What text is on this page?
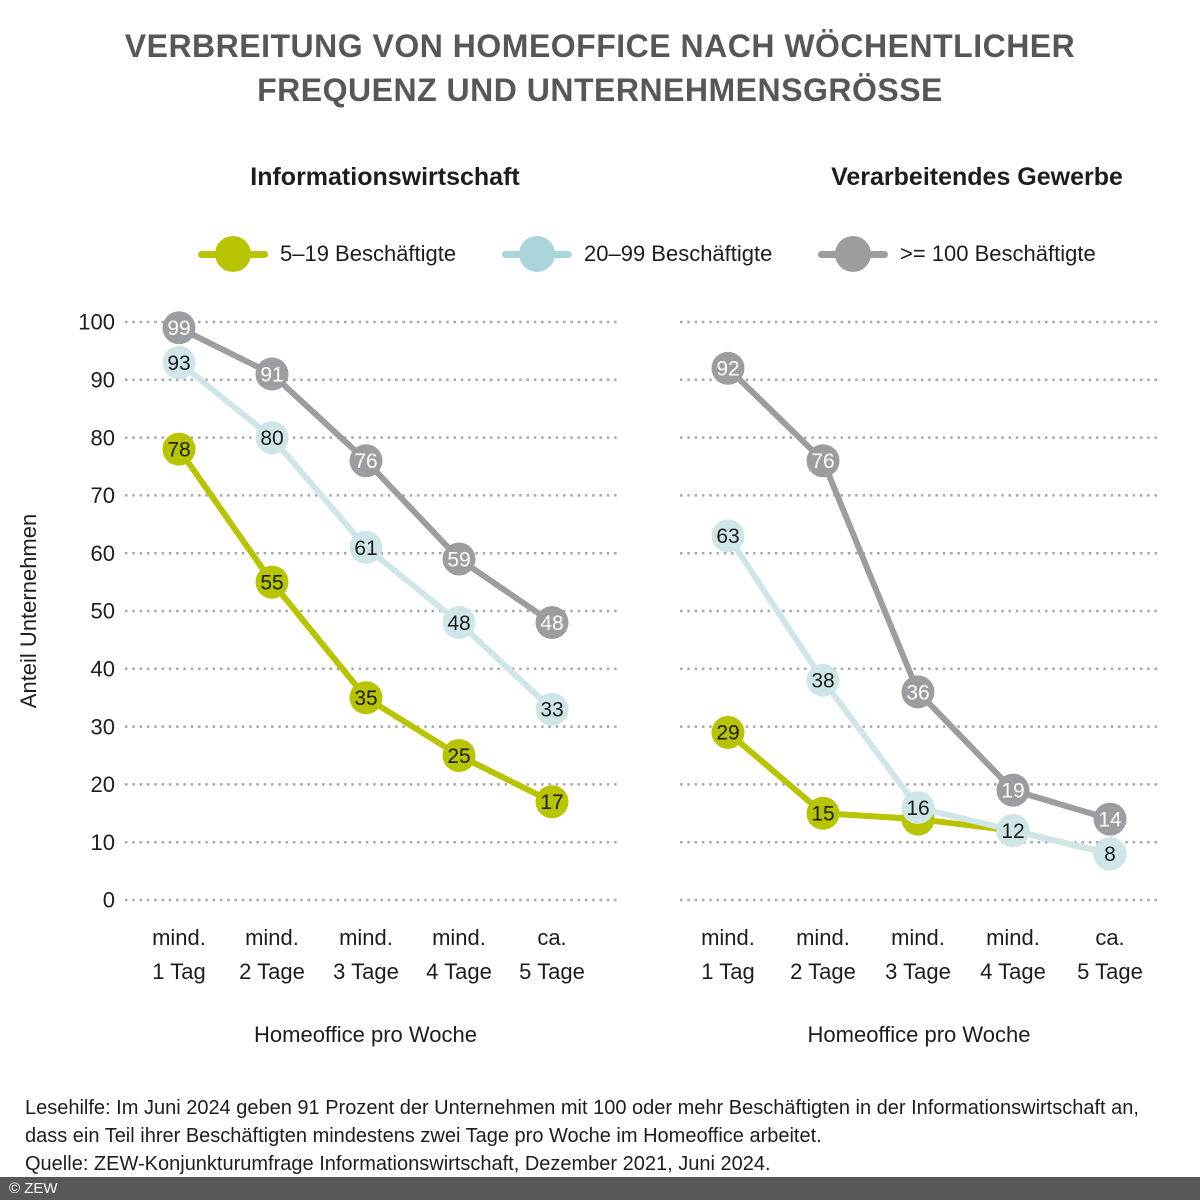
VERBREITUNG VON HOMEOFFICE NACH WÖCHENTLICHER
FREQUENZ UND UNTERNEHMENSGRÖSSE
Informationswirtschaft	Verarbeitendes Gewerbe
5–19 Beschäftigte	20–99 Beschäftigte	>= 100 Beschäftigte
0
10
20
30
40
50
60
70
80
90
100
Anteil Unternehmen
mind.
1 Tag
mind.
2 Tage
mind.
3 Tage
mind.
4 Tage
ca.
5 Tage
Homeoffice pro Woche
78
55
35
25
17
93
80
61
48
33
99
91
76
59
48
mind.
1 Tag
mind.
2 Tage
mind.
3 Tage
mind.
4 Tage
ca.
5 Tage
Homeoffice pro Woche
29
15
63
38
16
12
8
92
76
36
19
14

Lesehilfe: Im Juni 2024 geben 91 Prozent der Unternehmen mit 100 oder mehr Beschäftigten in der Informationswirtschaft an,

dass ein Teil ihrer Beschäftigten mindestens zwei Tage pro Woche im Homeoffice arbeitet.

Quelle: ZEW-Konjunkturumfrage Informationswirtschaft, Dezember 2021, Juni 2024.

© ZEW
